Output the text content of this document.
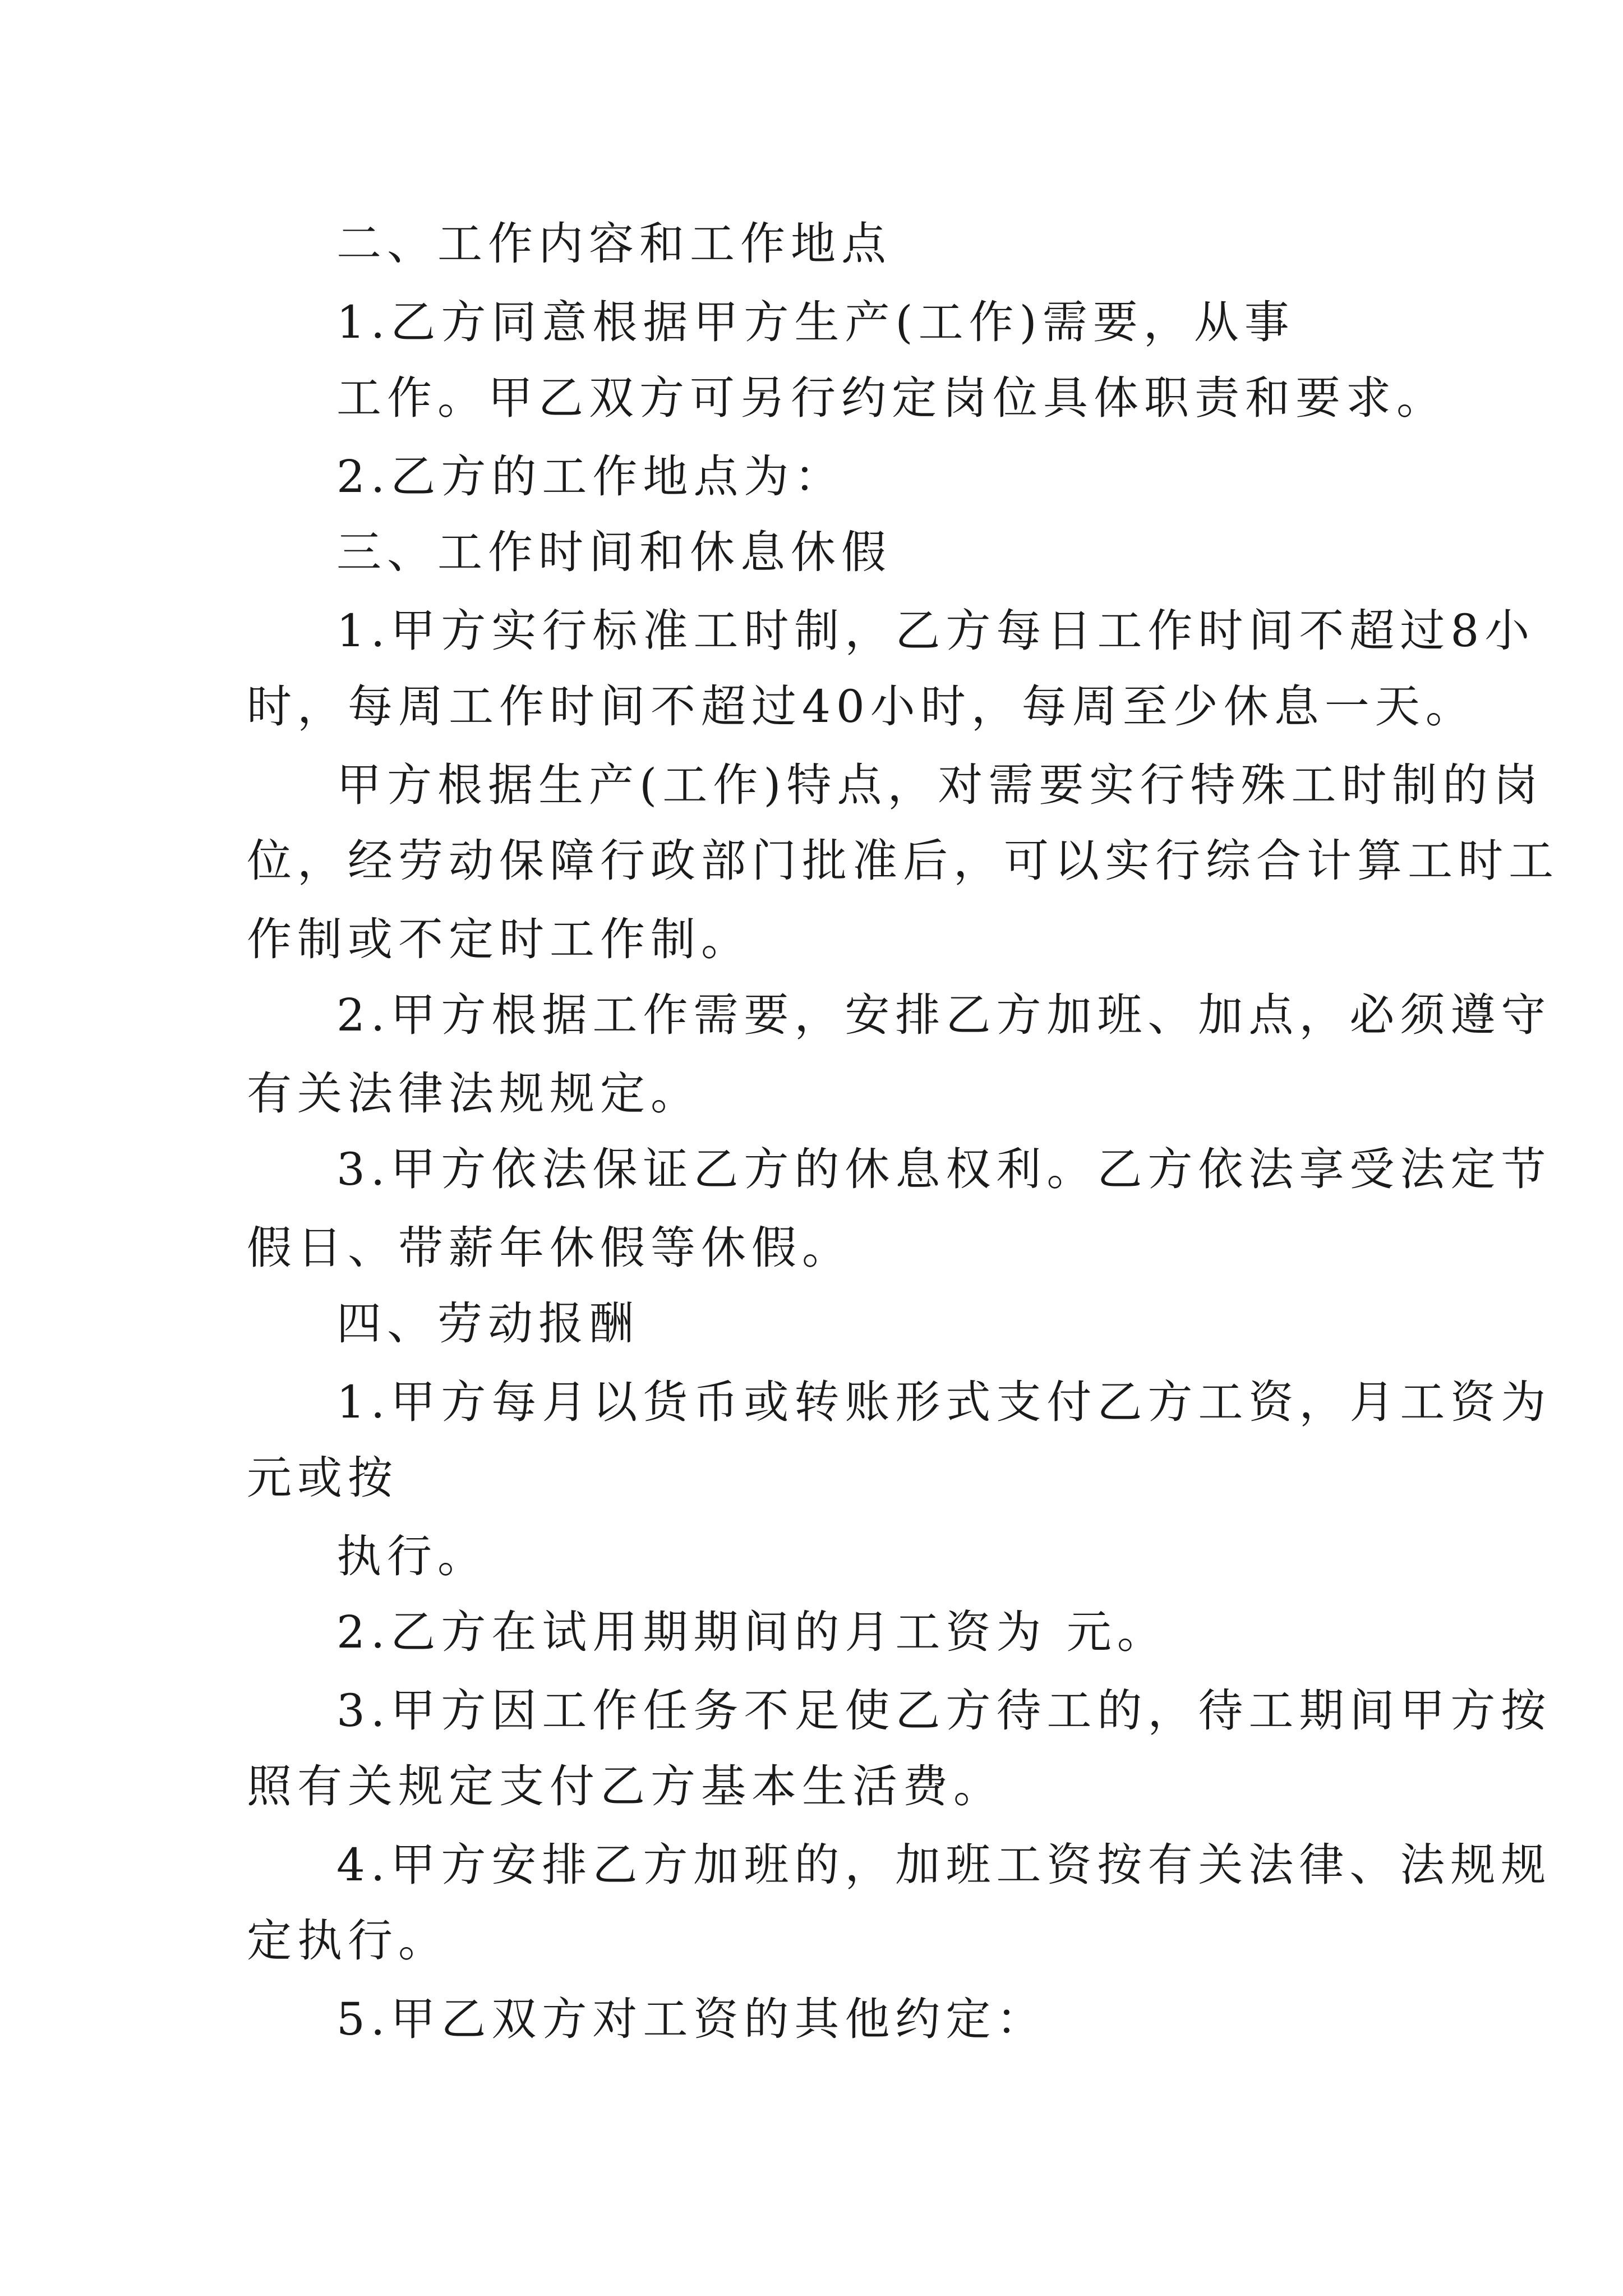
二、工作内容和工作地点
1.乙方同意根据甲方生产(工作)需要，从事
工作。甲乙双方可另行约定岗位具体职责和要求。
2.乙方的工作地点为：
三、工作时间和休息休假
1.甲方实行标准工时制，乙方每日工作时间不超过8小
时，每周工作时间不超过40小时，每周至少休息一天。
甲方根据生产(工作)特点，对需要实行特殊工时制的岗
位，经劳动保障行政部门批准后，可以实行综合计算工时工
作制或不定时工作制。
2.甲方根据工作需要，安排乙方加班、加点，必须遵守
有关法律法规规定。
3.甲方依法保证乙方的休息权利。乙方依法享受法定节
假日、带薪年休假等休假。
四、劳动报酬
1.甲方每月以货币或转账形式支付乙方工资，月工资为
元或按
执行。
2.乙方在试用期期间的月工资为 元。
3.甲方因工作任务不足使乙方待工的，待工期间甲方按
照有关规定支付乙方基本生活费。
4.甲方安排乙方加班的，加班工资按有关法律、法规规
定执行。
5.甲乙双方对工资的其他约定：
